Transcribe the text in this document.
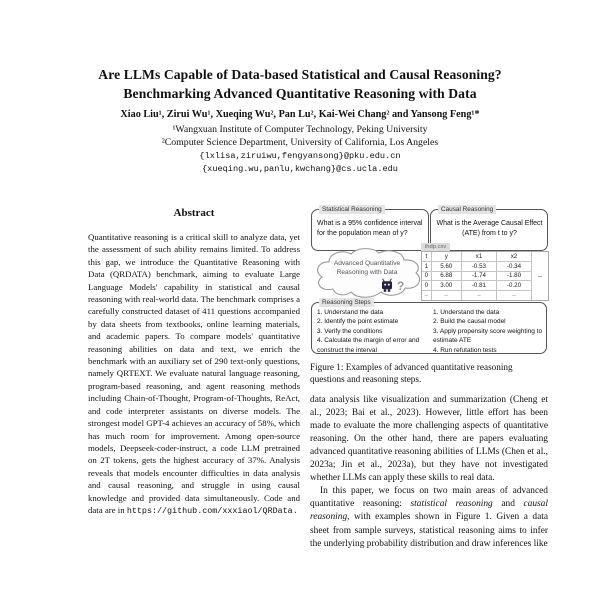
Are LLMs Capable of Data-based Statistical and Causal Reasoning?
Benchmarking Advanced Quantitative Reasoning with Data
Xiao Liu¹, Zirui Wu¹, Xueqing Wu², Pan Lu², Kai-Wei Chang² and Yansong Feng¹*
¹Wangxuan Institute of Computer Technology, Peking University
²Computer Science Department, University of California, Los Angeles
{lxlisa,ziruiwu,fengyansong}@pku.edu.cn
{xueqing.wu,panlu,kwchang}@cs.ucla.edu
Abstract

Quantitative reasoning is a critical skill to analyze data, yet the assessment of such ability remains limited. To address this gap, we introduce the Quantitative Reasoning with Data (QRDATA) benchmark, aiming to evaluate Large Language Models' capability in statistical and causal reasoning with real-world data. The benchmark comprises a carefully constructed dataset of 411 questions accompanied by data sheets from textbooks, online learning materials, and academic papers. To compare models' quantitative reasoning abilities on data and text, we enrich the benchmark with an auxiliary set of 290 text-only questions, namely QRTEXT. We evaluate natural language reasoning, program-based reasoning, and agent reasoning methods including Chain-of-Thought, Program-of-Thoughts, ReAct, and code interpreter assistants on diverse models. The strongest model GPT-4 achieves an accuracy of 58%, which has much room for improvement. Among open-source models, Deepseek-coder-instruct, a code LLM pretrained on 2T tokens, gets the highest accuracy of 37%. Analysis reveals that models encounter difficulties in data analysis and causal reasoning, and struggle in using causal knowledge and provided data simultaneously. Code and data are in https://github.com/xxxiaol/QRData.

Statistical Reasoning
What is a 95% confidence interval for the population mean of y?
Causal Reasoning
What is the Average Causal Effect (ATE) from t to y?
Advanced Quantitative
Reasoning with Data
?
ihdp.csv
t	y	x1	x2
1	5.60	-0.53	-0.34
0	6.88	-1.74	-1.80
0	3.00	-0.81	-0.20
–	–	–	–
–
Reasoning Steps
1. Understand the data
2. Identify the point estimate
3. Verify the conditions
4. Calculate the margin of error and construct the interval
1. Understand the data
2. Build the causal model
3. Apply propensity score weighting to estimate ATE
4. Run refutation tests

Figure 1: Examples of advanced quantitative reasoning questions and reasoning steps.

data analysis like visualization and summarization (Cheng et al., 2023; Bai et al., 2023). However, little effort has been made to evaluate the more challenging aspects of quantitative reasoning. On the other hand, there are papers evaluating advanced quantitative reasoning abilities of LLMs (Chen et al., 2023a; Jin et al., 2023a), but they have not investigated whether LLMs can apply these skills to real data.

In this paper, we focus on two main areas of advanced quantitative reasoning: statistical reasoning and causal reasoning, with examples shown in Figure 1. Given a data sheet from sample surveys, statistical reasoning aims to infer the underlying probability distribution and draw inferences like
